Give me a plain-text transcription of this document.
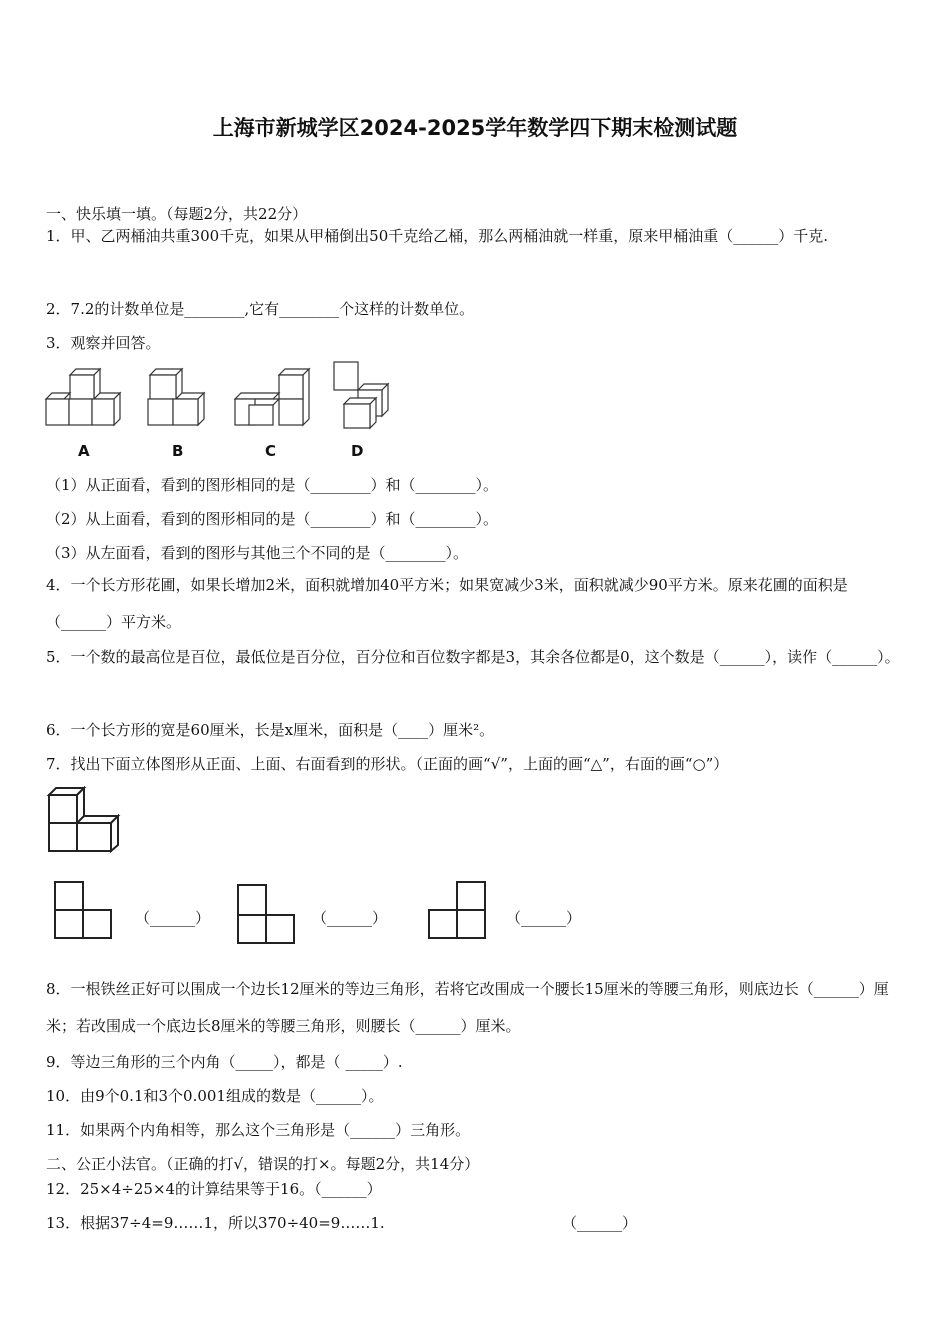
上海市新城学区2024-2025学年数学四下期末检测试题
一、快乐填一填。（每题2分，共22分）
1．甲、乙两桶油共重300千克，如果从甲桶倒出50千克给乙桶，那么两桶油就一样重，原来甲桶油重（______）千克.
2．7.2的计数单位是________,它有________个这样的计数单位。
3．观察并回答。
A	B	C	D
（1）从正面看，看到的图形相同的是（________）和（________）。
（2）从上面看，看到的图形相同的是（________）和（________）。
（3）从左面看，看到的图形与其他三个不同的是（________）。
4．一个长方形花圃，如果长增加2米，面积就增加40平方米；如果宽减少3米，面积就减少90平方米。原来花圃的面积是（______）平方米。
5．一个数的最高位是百位，最低位是百分位，百分位和百位数字都是3，其余各位都是0，这个数是（______），读作（______）。
6．一个长方形的宽是60厘米，长是x厘米，面积是（____）厘米²。
7．找出下面立体图形从正面、上面、右面看到的形状。（正面的画“√”，上面的画“△”，右面的画“○”）
（______）	（______）	（______）
8．一根铁丝正好可以围成一个边长12厘米的等边三角形，若将它改围成一个腰长15厘米的等腰三角形，则底边长（______）厘米；若改围成一个底边长8厘米的等腰三角形，则腰长（______）厘米。
9．等边三角形的三个内角（_____），都是（ _____）.
10．由9个0.1和3个0.001组成的数是（______）。
11．如果两个内角相等，那么这个三角形是（______）三角形。
二、公正小法官。（正确的打√，错误的打×。每题2分，共14分）
12．25×4÷25×4的计算结果等于16。（______）
13．根据37÷4=9……1，所以370÷40=9……1.	（______）
